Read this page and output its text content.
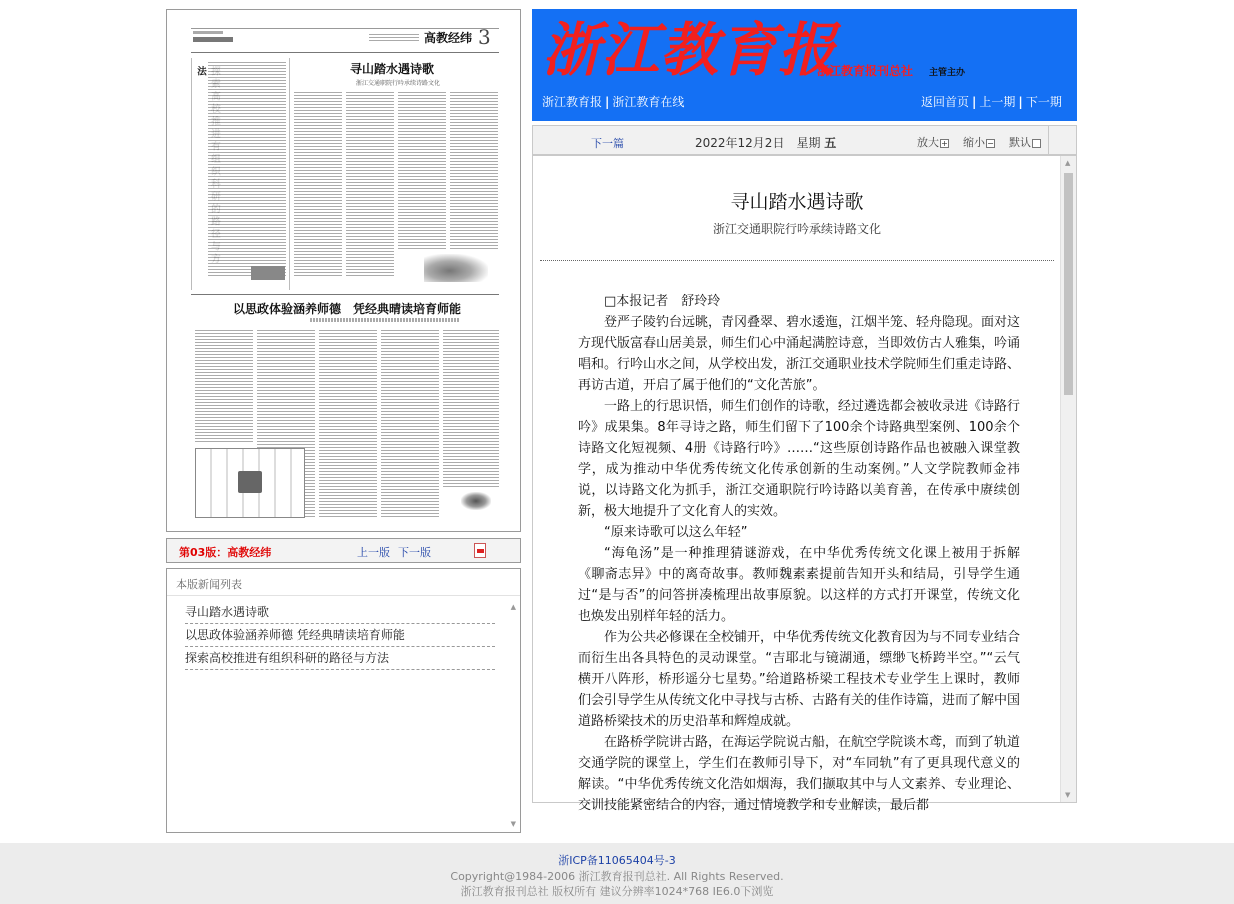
高教经纬 3
法	寻山踏水遇诗歌
浙江交通职院行吟承续诗路文化
以思政体验涵养师德　凭经典晴读培育师能
第03版：高教经纬	上一版 下一版
本版新闻列表
寻山踏水遇诗歌
以思政体验涵养师德 凭经典晴读培育师能
探索高校推进有组织科研的路径与方法
▲
▼
浙江教育报
浙江教育报刊总社 主管主办
浙江教育报 | 浙江教育在线	返回首页 | 上一期 | 下一期
下一篇	2022年12月2日　星期 五	放大 + 缩小 − 默认
寻山踏水遇诗歌
浙江交通职院行吟承续诗路文化

□本报记者　舒玲玲

登严子陵钓台远眺，青冈叠翠、碧水逶迤，江烟半笼、轻舟隐现。面对这方现代版富春山居美景，师生们心中涌起满腔诗意，当即效仿古人雅集，吟诵唱和。行吟山水之间，从学校出发，浙江交通职业技术学院师生们重走诗路、再访古道，开启了属于他们的“文化苦旅”。

一路上的行思识悟，师生们创作的诗歌，经过遴选都会被收录进《诗路行吟》成果集。8年寻诗之路，师生们留下了100余个诗路典型案例、100余个诗路文化短视频、4册《诗路行吟》……“这些原创诗路作品也被融入课堂教学，成为推动中华优秀传统文化传承创新的生动案例。”人文学院教师金祎说，以诗路文化为抓手，浙江交通职院行吟诗路以美育善，在传承中赓续创新，极大地提升了文化育人的实效。

“原来诗歌可以这么年轻”

“海龟汤”是一种推理猜谜游戏，在中华优秀传统文化课上被用于拆解《聊斋志异》中的离奇故事。教师魏素素提前告知开头和结局，引导学生通过“是与否”的问答拼凑梳理出故事原貌。以这样的方式打开课堂，传统文化也焕发出别样年轻的活力。

作为公共必修课在全校铺开，中华优秀传统文化教育因为与不同专业结合而衍生出各具特色的灵动课堂。“吉耶北与镜湖通，缥缈飞桥跨半空。”“云气横开八阵形，桥形遥分七星势。”给道路桥梁工程技术专业学生上课时，教师们会引导学生从传统文化中寻找与古桥、古路有关的佳作诗篇，进而了解中国道路桥梁技术的历史沿革和辉煌成就。

在路桥学院讲古路，在海运学院说古船，在航空学院谈木鸢，而到了轨道交通学院的课堂上，学生们在教师引导下，对“车同轨”有了更具现代意义的解读。“中华优秀传统文化浩如烟海，我们撷取其中与人文素养、专业理论、交训技能紧密结合的内容，通过情境教学和专业解读，最后都

▲
▼
浙ICP备11065404号-3
Copyright@1984-2006 浙江教育报刊总社. All Rights Reserved.
浙江教育报刊总社 版权所有 建议分辨率1024*768 IE6.0下浏览
